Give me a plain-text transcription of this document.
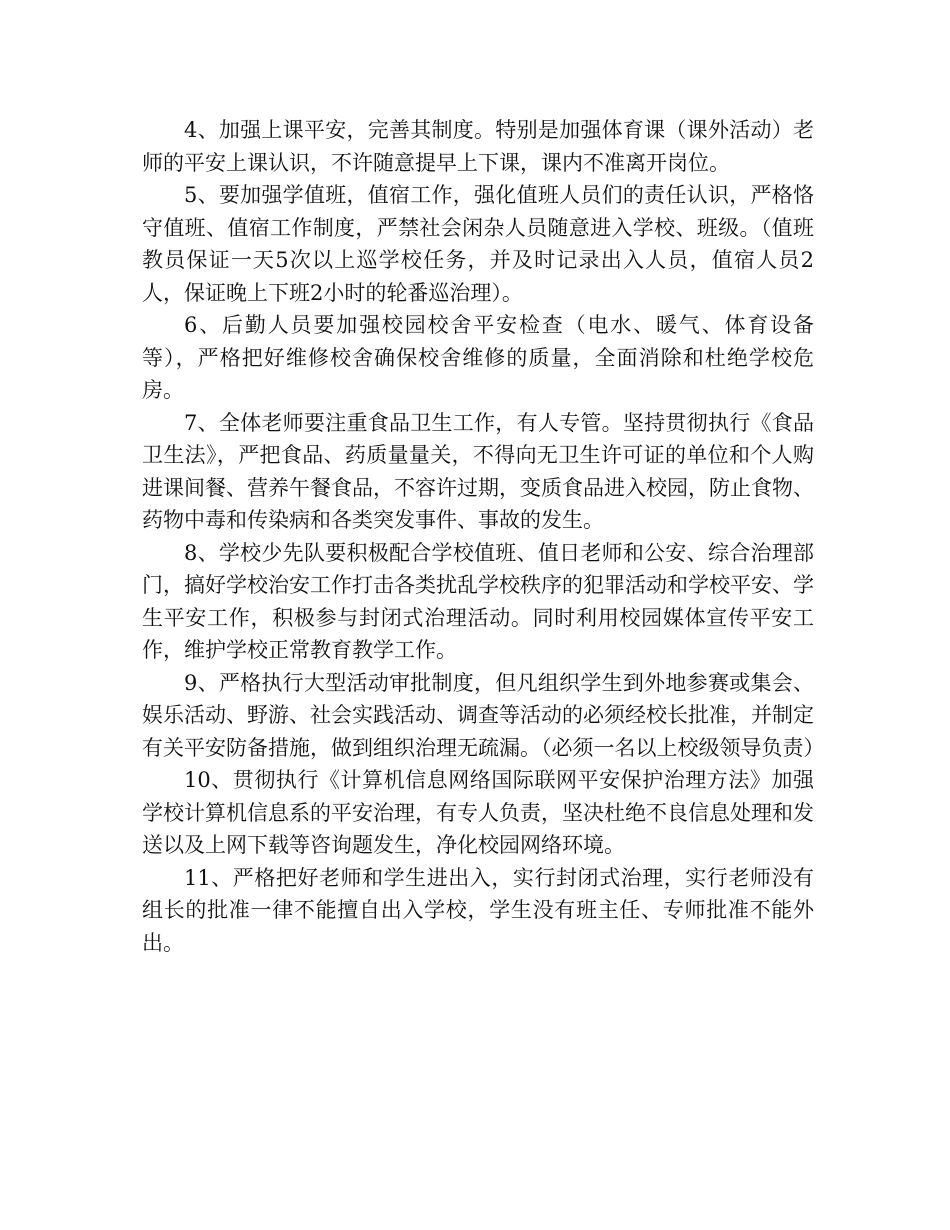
4、加强上课平安，完善其制度。特别是加强体育课（课外活动）老师的平安上课认识，不许随意提早上下课，课内不准离开岗位。

5、要加强学值班，值宿工作，强化值班人员们的责任认识，严格恪守值班、值宿工作制度，严禁社会闲杂人员随意进入学校、班级。（值班教员保证一天5次以上巡学校任务，并及时记录出入人员，值宿人员2人，保证晚上下班2小时的轮番巡治理）。

6、后勤人员要加强校园校舍平安检查（电水、暖气、体育设备等），严格把好维修校舍确保校舍维修的质量，全面消除和杜绝学校危房。

7、全体老师要注重食品卫生工作，有人专管。坚持贯彻执行《食品卫生法》，严把食品、药质量量关，不得向无卫生许可证的单位和个人购进课间餐、营养午餐食品，不容许过期，变质食品进入校园，防止食物、药物中毒和传染病和各类突发事件、事故的发生。

8、学校少先队要积极配合学校值班、值日老师和公安、综合治理部门，搞好学校治安工作打击各类扰乱学校秩序的犯罪活动和学校平安、学生平安工作，积极参与封闭式治理活动。同时利用校园媒体宣传平安工作，维护学校正常教育教学工作。

9、严格执行大型活动审批制度，但凡组织学生到外地参赛或集会、娱乐活动、野游、社会实践活动、调查等活动的必须经校长批准，并制定有关平安防备措施，做到组织治理无疏漏。（必须一名以上校级领导负责）

10、贯彻执行《计算机信息网络国际联网平安保护治理方法》加强学校计算机信息系的平安治理，有专人负责，坚决杜绝不良信息处理和发送以及上网下载等咨询题发生，净化校园网络环境。

11、严格把好老师和学生进出入，实行封闭式治理，实行老师没有组长的批准一律不能擅自出入学校，学生没有班主任、专师批准不能外出。
